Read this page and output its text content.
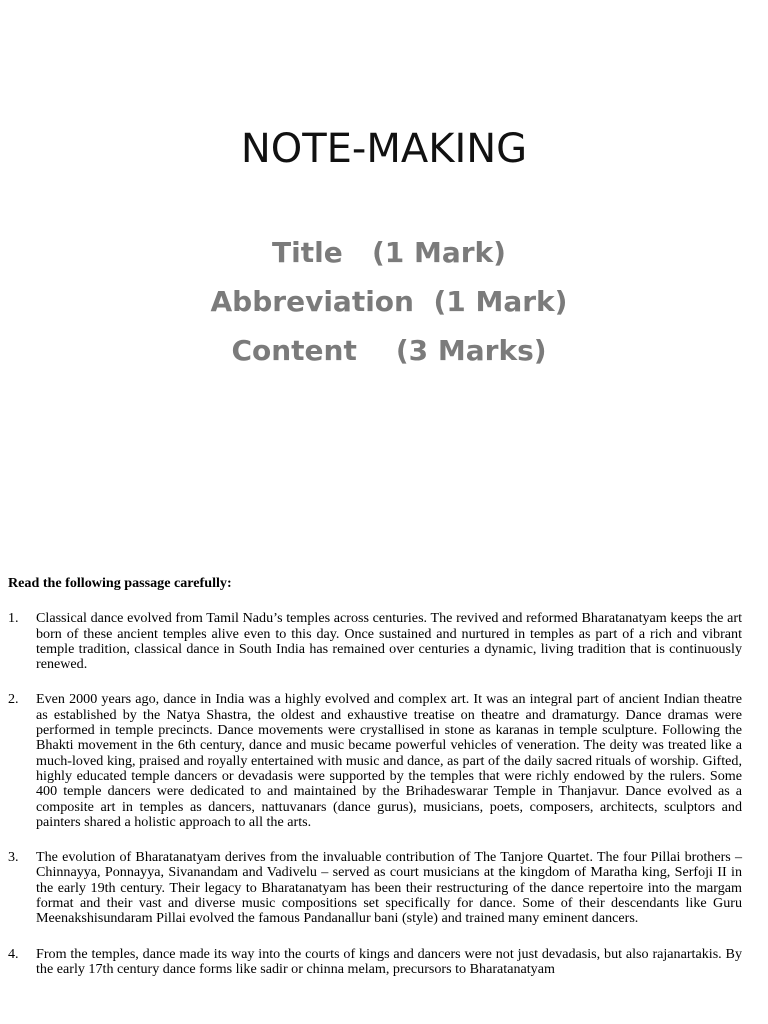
NOTE-MAKING
Title   (1 Mark)
Abbreviation  (1 Mark)
Content    (3 Marks)

Read the following passage carefully:

1. Classical dance evolved from Tamil Nadu’s temples across centuries. The revived and reformed Bharatanatyam keeps the art born of these ancient temples alive even to this day. Once sustained and nurtured in temples as part of a rich and vibrant temple tradition, classical dance in South India has remained over centuries a dynamic, living tradition that is continuously renewed.

2. Even 2000 years ago, dance in India was a highly evolved and complex art. It was an integral part of ancient Indian theatre as established by the Natya Shastra, the oldest and exhaustive treatise on theatre and dramaturgy. Dance dramas were performed in temple precincts. Dance movements were crystallised in stone as karanas in temple sculpture. Following the Bhakti movement in the 6th century, dance and music became powerful vehicles of veneration. The deity was treated like a much-loved king, praised and royally entertained with music and dance, as part of the daily sacred rituals of worship. Gifted, highly educated temple dancers or devadasis were supported by the temples that were richly endowed by the rulers. Some 400 temple dancers were dedicated to and maintained by the Brihadeswarar Temple in Thanjavur. Dance evolved as a composite art in temples as dancers, nattuvanars (dance gurus), musicians, poets, composers, architects, sculptors and painters shared a holistic approach to all the arts.

3. The evolution of Bharatanatyam derives from the invaluable contribution of The Tanjore Quartet. The four Pillai brothers – Chinnayya, Ponnayya, Sivanandam and Vadivelu – served as court musicians at the kingdom of Maratha king, Serfoji II in the early 19th century. Their legacy to Bharatanatyam has been their restructuring of the dance repertoire into the margam format and their vast and diverse music compositions set specifically for dance. Some of their descendants like Guru Meenakshisundaram Pillai evolved the famous Pandanallur bani (style) and trained many eminent dancers.

4. From the temples, dance made its way into the courts of kings and dancers were not just devadasis, but also rajanartakis. By the early 17th century dance forms like sadir or chinna melam, precursors to Bharatanatyam
